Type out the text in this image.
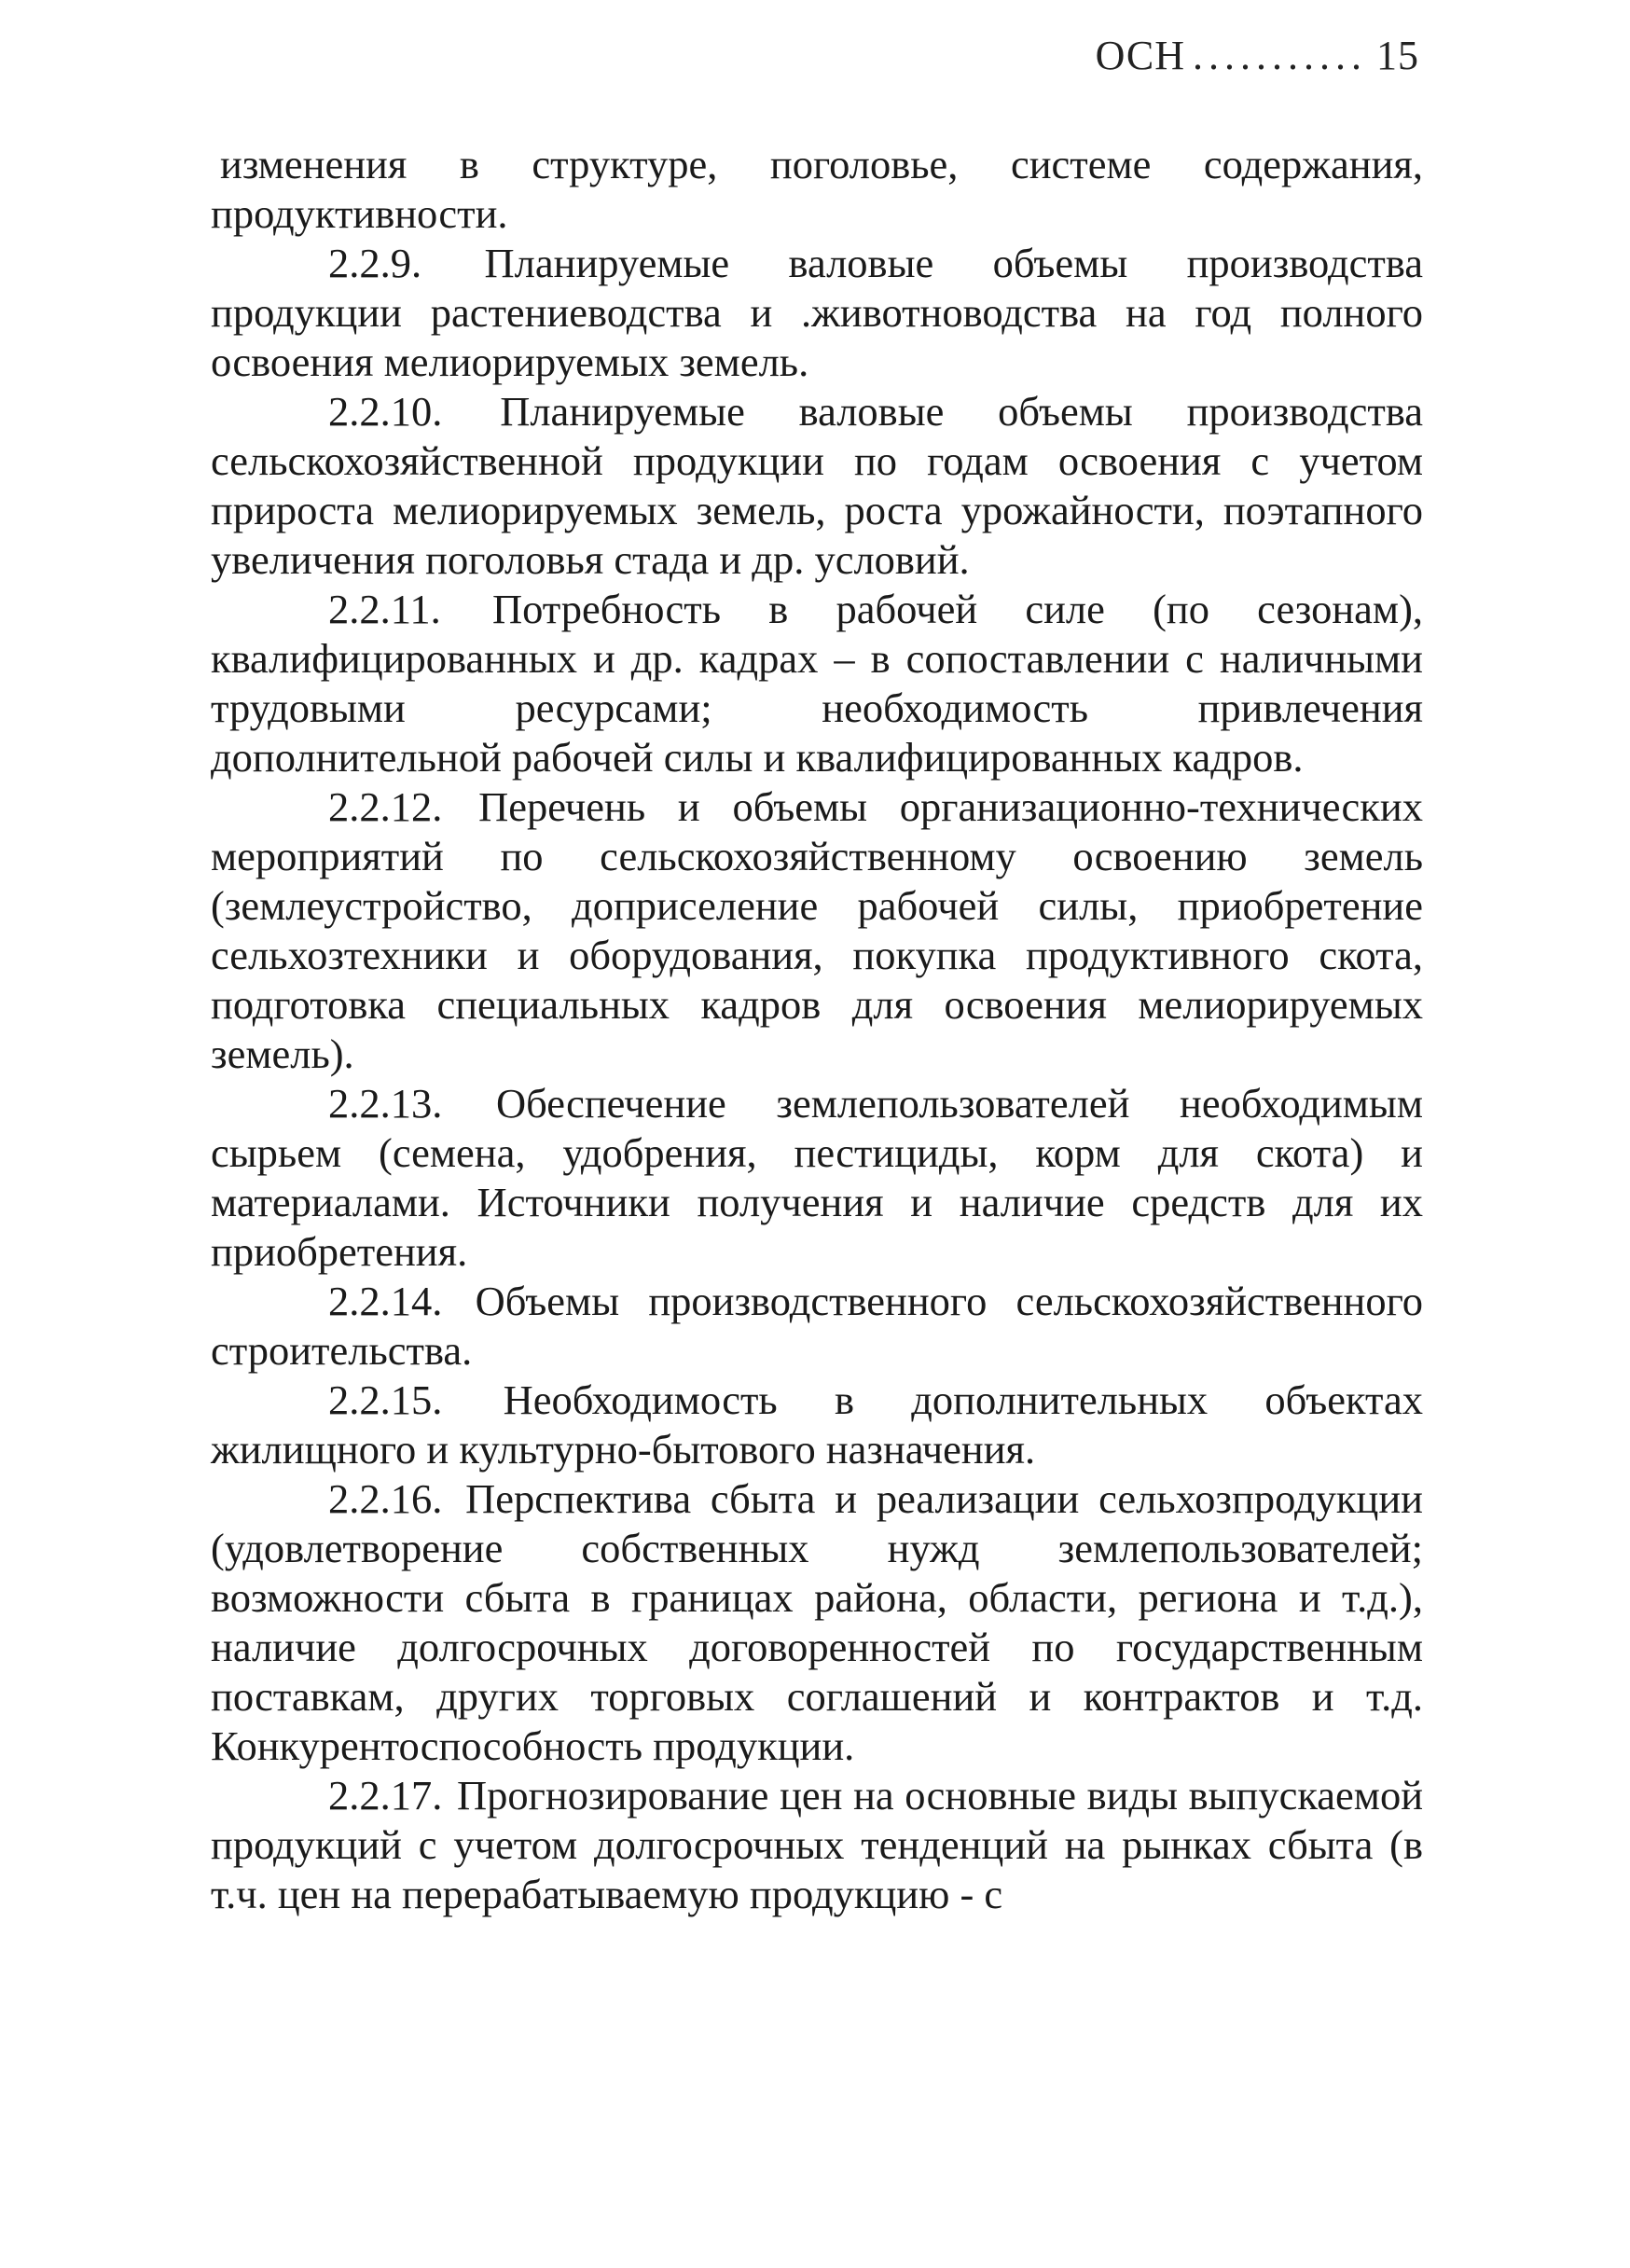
ОСН ........... 15

изменения в структуре, поголовье, системе содержания, продуктивности.

2.2.9. Планируемые валовые объемы производства продукции растениеводства и .животноводства на год полного освоения мелиорируемых земель.

2.2.10. Планируемые валовые объемы производства сельскохозяйственной продукции по годам освоения с учетом прироста мелиорируемых земель, роста урожайности, поэтапного увеличения поголовья стада и др. условий.

2.2.11. Потребность в рабочей силе (по сезонам), квалифицированных и др. кадрах – в сопоставлении с наличными трудовыми ресурсами; необходимость привлечения дополнительной рабочей силы и квалифицированных кадров.

2.2.12. Перечень и объемы организационно-технических мероприятий по сельскохозяйственному освоению земель (землеустройство, доприселение рабочей силы, приобретение сельхозтехники и оборудования, покупка продуктивного скота, подготовка специальных кадров для освоения мелиорируемых земель).

2.2.13. Обеспечение землепользователей необходимым сырьем (семена, удобрения, пестициды, корм для скота) и материалами. Источники получения и наличие средств для их приобретения.

2.2.14. Объемы производственного сельскохозяйственного строительства.

2.2.15. Необходимость в дополнительных объектах жилищного и культурно-бытового назначения.

2.2.16. Перспектива сбыта и реализации сельхозпродукции (удовлетворение собственных нужд землепользователей; возможности сбыта в границах района, области, региона и т.д.), наличие долгосрочных договоренностей по государственным поставкам, других торговых соглашений и контрактов и т.д. Конкурентоспособность продукции.

2.2.17. Прогнозирование цен на основные виды выпускаемой продукций с учетом долгосрочных тенденций на рынках сбыта (в т.ч. цен на перерабатываемую продукцию - с
